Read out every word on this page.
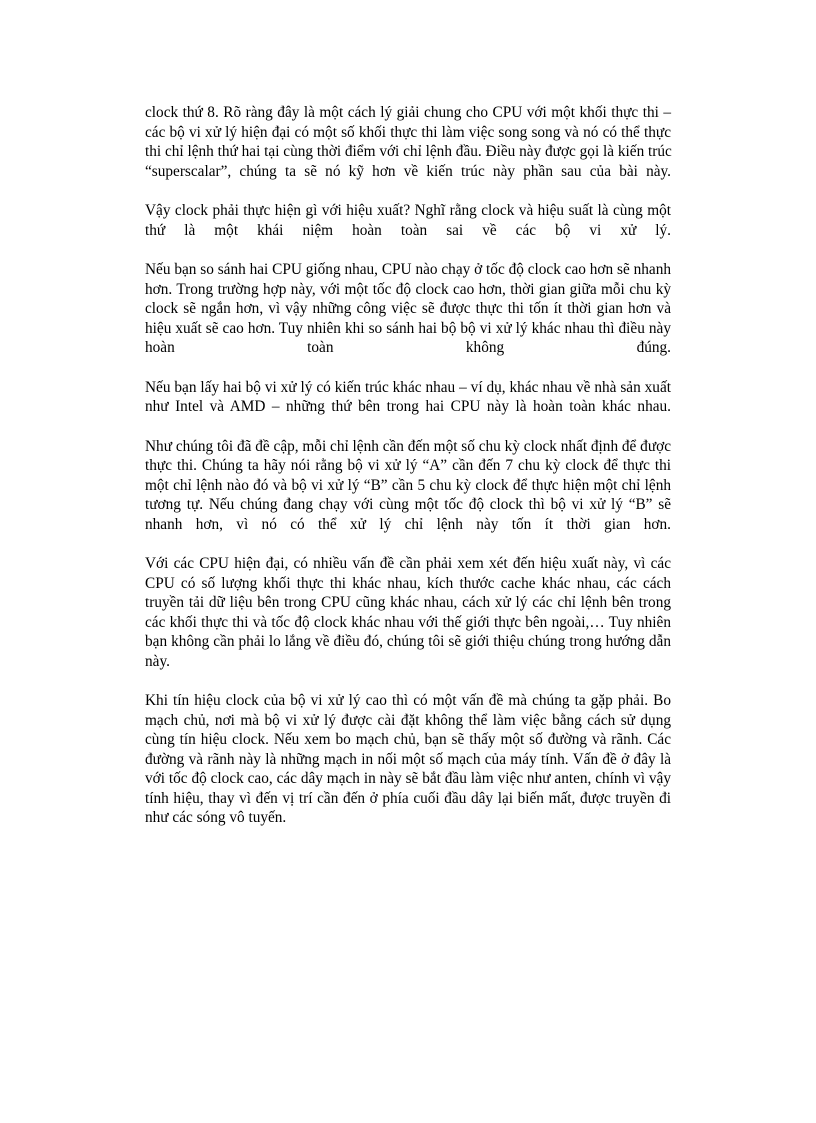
clock thứ 8. Rõ ràng đây là một cách lý giải chung cho CPU với một khối thực thi –
các bộ vi xử lý hiện đại có một số khối thực thi làm việc song song và nó có thể thực
thi chỉ lệnh thứ hai tại cùng thời điểm với chỉ lệnh đầu. Điều này được gọi là kiến trúc
“superscalar”, chúng ta sẽ nó kỹ hơn về kiến trúc này phần sau của bài này.

Vậy clock phải thực hiện gì với hiệu xuất? Nghĩ rằng clock và hiệu suất là cùng một
thứ là một khái niệm hoàn toàn sai về các bộ vi xử lý.

Nếu bạn so sánh hai CPU giống nhau, CPU nào chạy ở tốc độ clock cao hơn sẽ nhanh
hơn. Trong trường hợp này, với một tốc độ clock cao hơn, thời gian giữa mỗi chu kỳ
clock sẽ ngắn hơn, vì vậy những công việc sẽ được thực thi tốn ít thời gian hơn và
hiệu xuất sẽ cao hơn. Tuy nhiên khi so sánh hai bộ bộ vi xử lý khác nhau thì điều này
hoàn toàn không đúng.

Nếu bạn lấy hai bộ vi xử lý có kiến trúc khác nhau – ví dụ, khác nhau về nhà sản xuất
như Intel và AMD – những thứ bên trong hai CPU này là hoàn toàn khác nhau.

Như chúng tôi đã đề cập, mỗi chỉ lệnh cần đến một số chu kỳ clock nhất định để được
thực thi. Chúng ta hãy nói rằng bộ vi xử lý “A” cần đến 7 chu kỳ clock để thực thi
một chỉ lệnh nào đó và bộ vi xử lý “B” cần 5 chu kỳ clock để thực hiện một chỉ lệnh
tương tự. Nếu chúng đang chạy với cùng một tốc độ clock thì bộ vi xử lý “B” sẽ
nhanh hơn, vì nó có thể xử lý chỉ lệnh này tốn ít thời gian hơn.

Với các CPU hiện đại, có nhiều vấn đề cần phải xem xét đến hiệu xuất này, vì các
CPU có số lượng khối thực thi khác nhau, kích thước cache khác nhau, các cách
truyền tải dữ liệu bên trong CPU cũng khác nhau, cách xử lý các chỉ lệnh bên trong
các khối thực thi và tốc độ clock khác nhau với thế giới thực bên ngoài,… Tuy nhiên
bạn không cần phải lo lắng về điều đó, chúng tôi sẽ giới thiệu chúng trong hướng dẫn
này.

Khi tín hiệu clock của bộ vi xử lý cao thì có một vấn đề mà chúng ta gặp phải. Bo
mạch chủ, nơi mà bộ vi xử lý được cài đặt không thể làm việc bằng cách sử dụng
cùng tín hiệu clock. Nếu xem bo mạch chủ, bạn sẽ thấy một số đường và rãnh. Các
đường và rãnh này là những mạch in nối một số mạch của máy tính. Vấn đề ở đây là
với tốc độ clock cao, các dây mạch in này sẽ bắt đầu làm việc như anten, chính vì vậy
tính hiệu, thay vì đến vị trí cần đến ở phía cuối đầu dây lại biến mất, được truyền đi
như các sóng vô tuyến.
